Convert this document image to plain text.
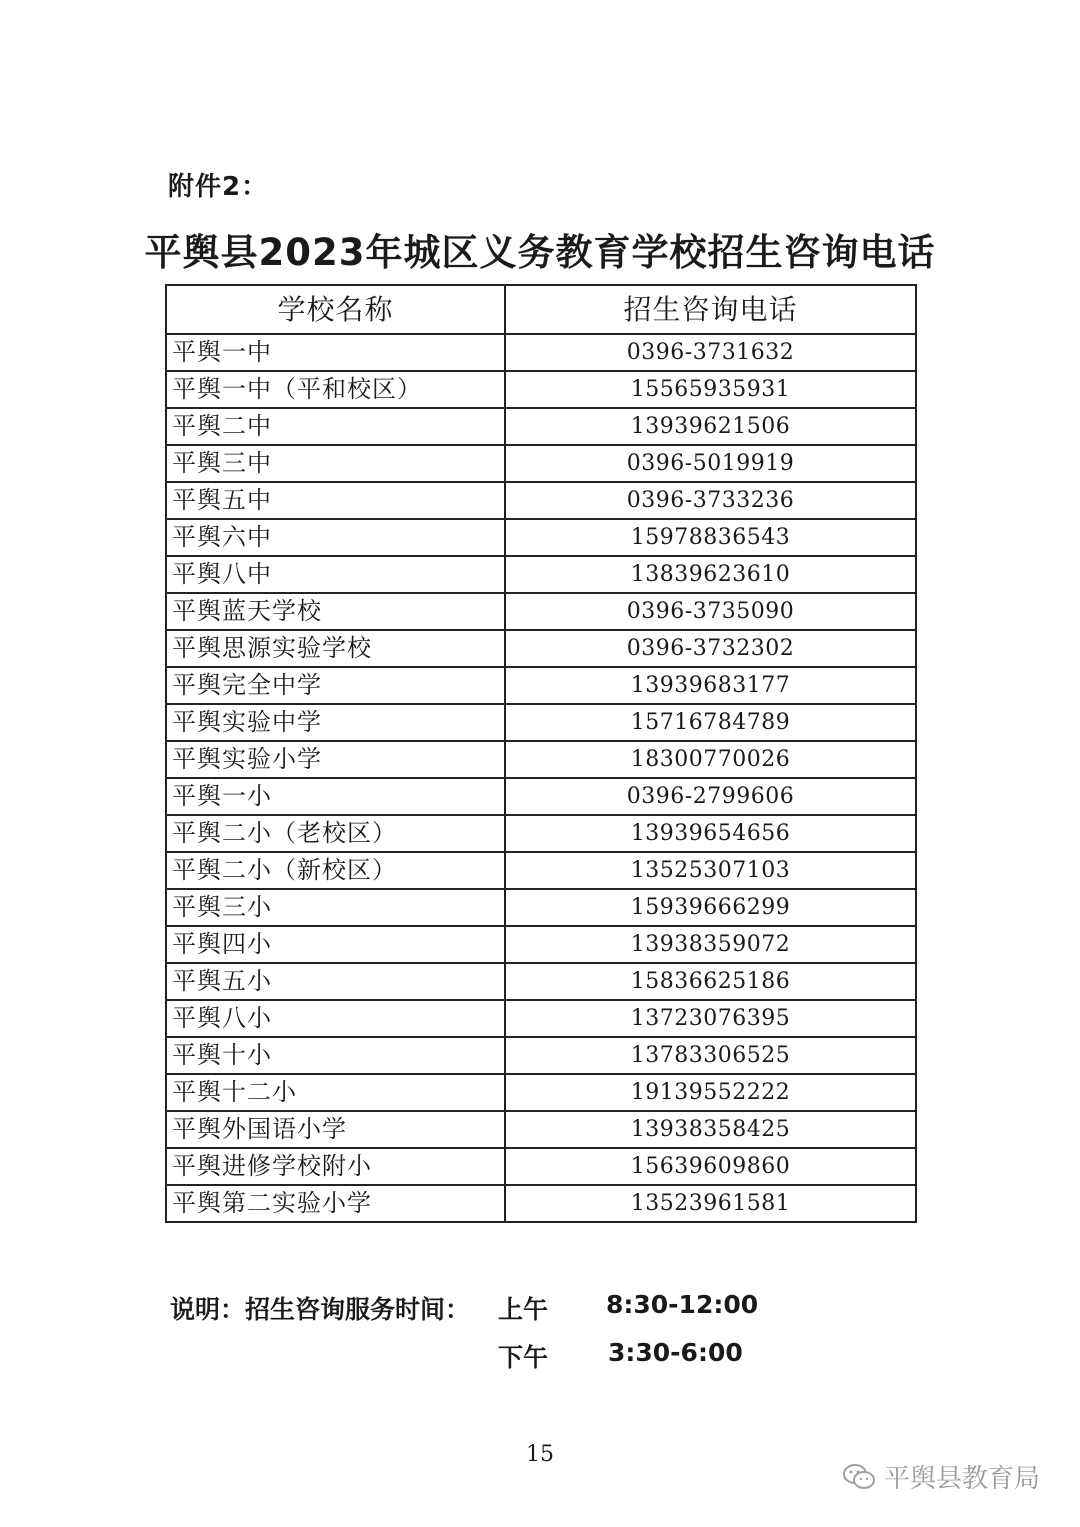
附件2：
平舆县2023年城区义务教育学校招生咨询电话
学校名称	招生咨询电话
平舆一中	0396-3731632
平舆一中（平和校区）	15565935931
平舆二中	13939621506
平舆三中	0396-5019919
平舆五中	0396-3733236
平舆六中	15978836543
平舆八中	13839623610
平舆蓝天学校	0396-3735090
平舆思源实验学校	0396-3732302
平舆完全中学	13939683177
平舆实验中学	15716784789
平舆实验小学	18300770026
平舆一小	0396-2799606
平舆二小（老校区）	13939654656
平舆二小（新校区）	13525307103
平舆三小	15939666299
平舆四小	13938359072
平舆五小	15836625186
平舆八小	13723076395
平舆十小	13783306525
平舆十二小	19139552222
平舆外国语小学	13938358425
平舆进修学校附小	15639609860
平舆第二实验小学	13523961581
说明：招生咨询服务时间： 上午 8:30-12:00
下午 3:30-6:00
15
平舆县教育局
